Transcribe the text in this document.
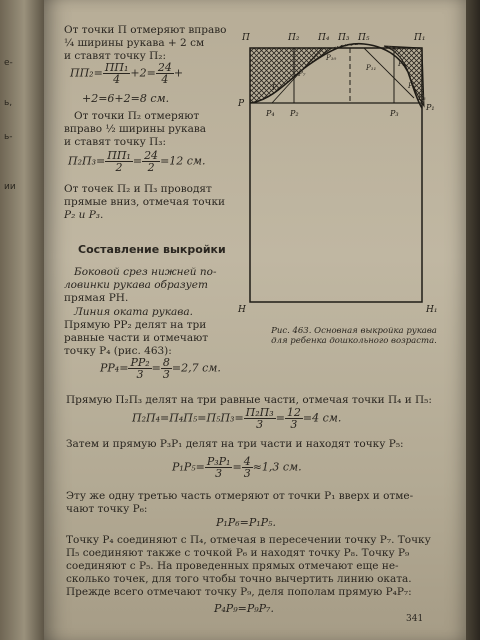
е-
ь,
ь-
ии
От точки П отмеряют вправо
¼ ширины рукава + 2 см
и ставят точку П₂:
$ПП_2= \frac{\text{ПП₁}}{4} +2= \frac{24}{4}$ +
+2=6+2=8 см.
От точки П₂ отмеряют
вправо ½ ширины рукава
и ставят точку П₃:
$П_2П_3= \frac{\text{ПП₁}}{2} = \frac{24}{2} =12$ см.
От точек П₂ и П₃ проводят
прямые вниз, отмечая точки
Р₂ и Р₃.
Составление выкройки
Боковой срез нижней по-
ловинки рукава образует
прямая РН.
Линия оката рукава.
Прямую РР₂ делят на три
равные части и отмечают
точку Р₄ (рис. 463):
П	П₂ П₄ П₃ П₅	П₁
Р₁₀
Р₁₁
Р₇
Р₉
Р₈
Р₆
Р₅
Р
Р₄ Р₂	Р₃
Р₁
Н	Н₁
Рис. 463. Основная выкройка рукава
для ребенка дошкольного возраста.
$РР_4= \frac{\text{РР₂}}{3} = \frac{8}{3} =2,7$ см.
Прямую П₂П₃ делят на три равные части, отмечая точки П₄ и П₅:
$П_2П_4=П_4П_5=П_5П_3= \frac{\text{П₂П₃}}{3} = \frac{12}{3} =4$ см.
Затем и прямую Р₃Р₁ делят на три части и находят точку Р₅:
$Р_1Р_5= \frac{\text{Р₃Р₁}}{3} = \frac{4}{3} \approx 1,3$ см.
Эту же одну третью часть отмеряют от точки Р₁ вверх и отме-
чают точку Р₆:
Р₁Р₆=Р₁Р₅.
Точку Р₄ соединяют с П₄, отмечая в пересечении точку Р₇. Точку
П₅ соединяют также с точкой Р₆ и находят точку Р₈. Точку Р₉
соединяют с Р₅. На проведенных прямых отмечают еще не-
сколько точек, для того чтобы точно вычертить линию оката.
Прежде всего отмечают точку Р₉, деля пополам прямую Р₄Р₇:
Р₄Р₉=Р₉Р₇.
341
